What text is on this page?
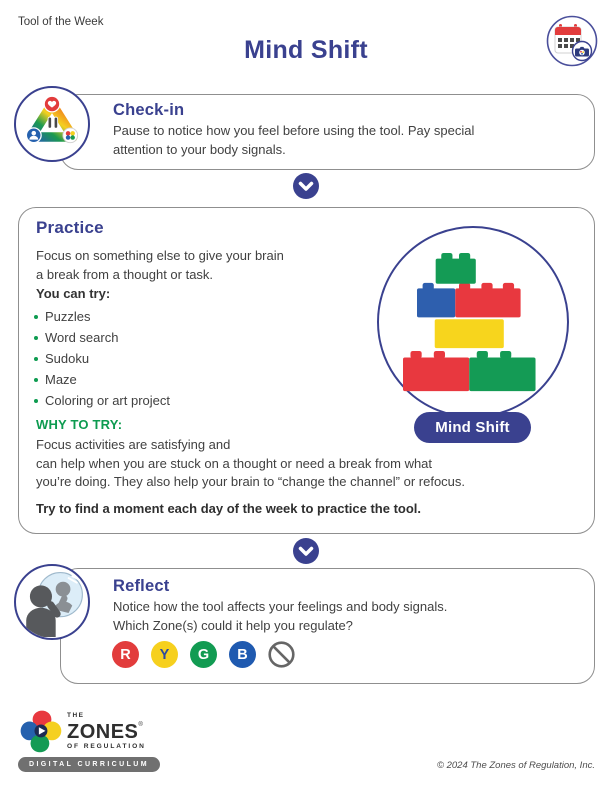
Tool of the Week
Mind Shift
Check-in
Pause to notice how you feel before using the tool. Pay special
attention to your body signals.
Practice
Focus on something else to give your brain
a break from a thought or task.
You can try:
Puzzles
Word search
Sudoku
Maze
Coloring or art project
WHY TO TRY:
Focus activities are satisfying and
can help when you are stuck on a thought or need a break from what
you’re doing. They also help your brain to “change the channel” or refocus.
Try to find a moment each day of the week to practice the tool.
Mind Shift
Reflect
Notice how the tool affects your feelings and body signals.
Which Zone(s) could it help you regulate?
R	Y	G	B
THE
ZONES®
OF REGULATION
DIGITAL CURRICULUM	© 2024 The Zones of Regulation, Inc.
